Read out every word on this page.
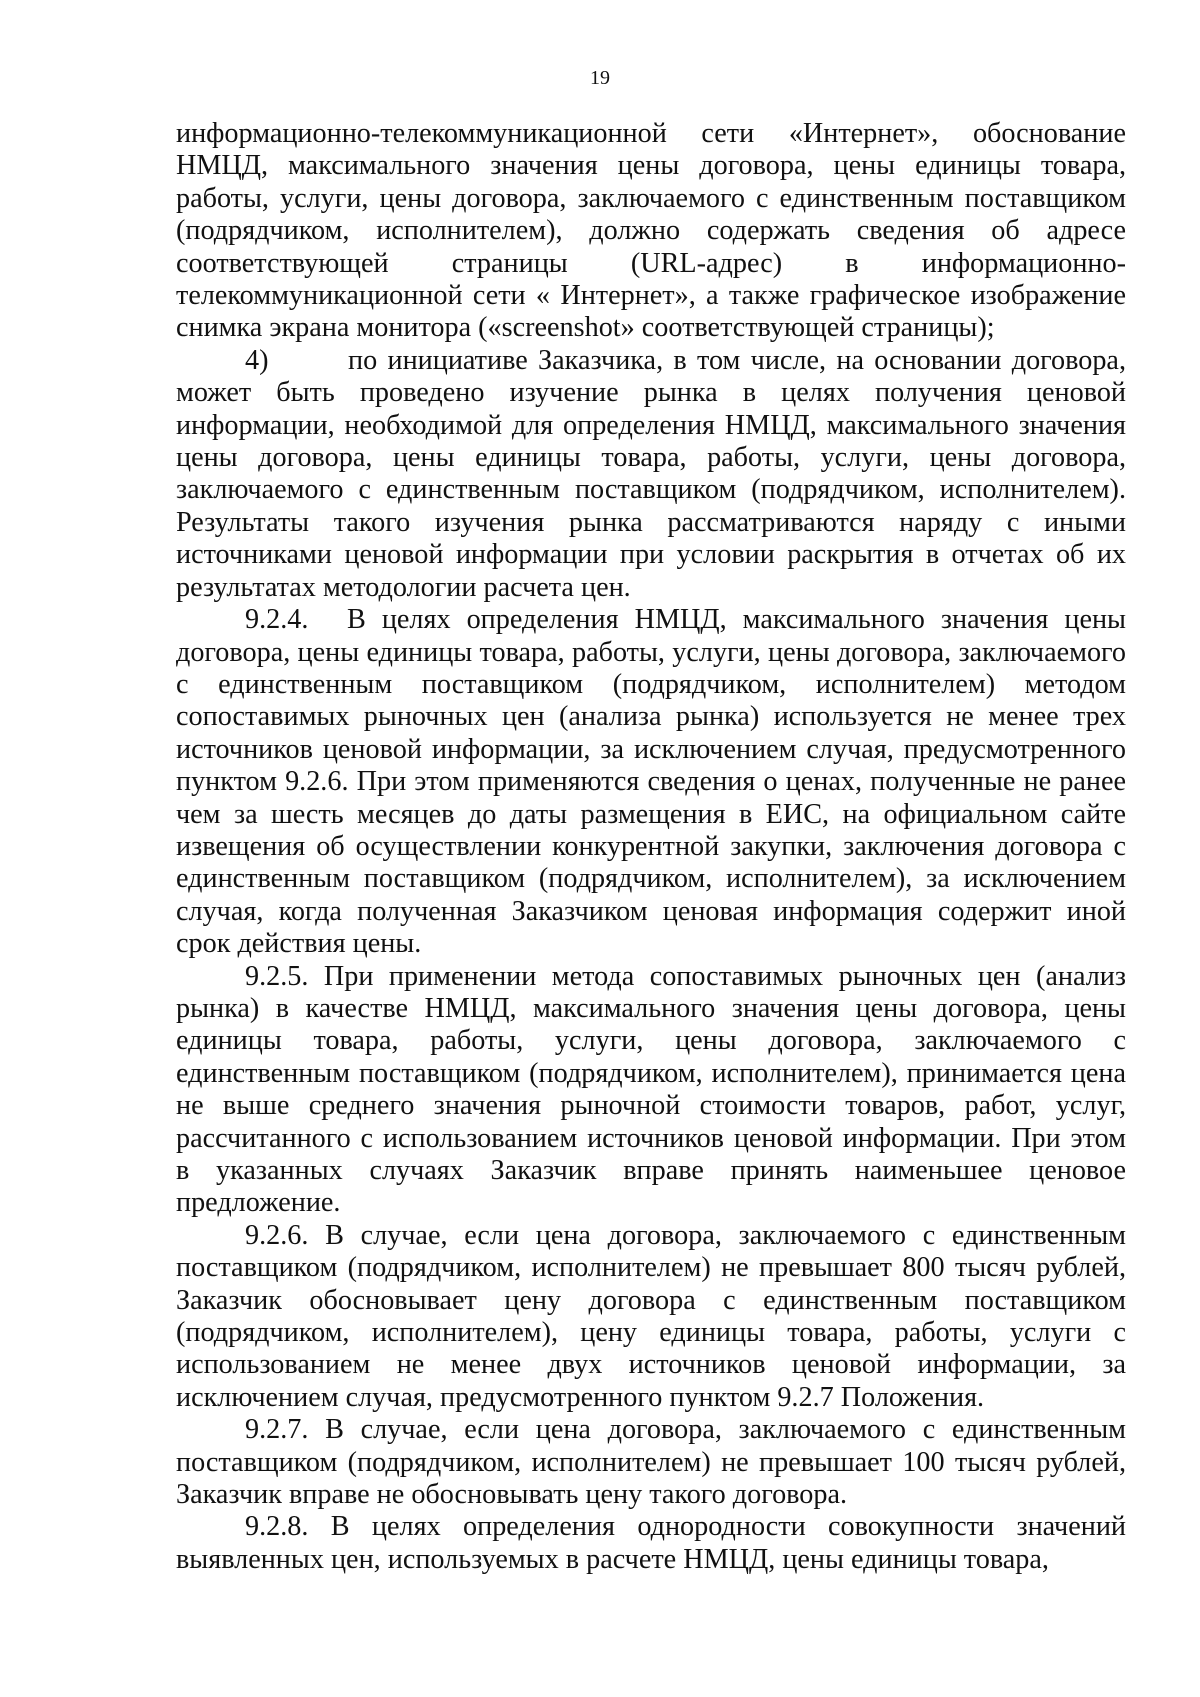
19

информационно-телекоммуникационной сети «Интернет», обоснование НМЦД, максимального значения цены договора, цены единицы товара, работы, услуги, цены договора, заключаемого с единственным поставщиком (подрядчиком, исполнителем), должно содержать сведения об адресе соответствующей страницы (URL-адрес) в информационно-телекоммуникационной сети « Интернет», а также графическое изображение снимка экрана монитора («screenshot» соответствующей страницы);

4)	по инициативе Заказчика, в том числе, на основании договора, может быть проведено изучение рынка в целях получения ценовой информации, необходимой для определения НМЦД, максимального значения цены договора, цены единицы товара, работы, услуги, цены договора, заключаемого с единственным поставщиком (подрядчиком, исполнителем). Результаты такого изучения рынка рассматриваются наряду с иными источниками ценовой информации при условии раскрытия в отчетах об их результатах методологии расчета цен.

9.2.4. В целях определения НМЦД, максимального значения цены договора, цены единицы товара, работы, услуги, цены договора, заключаемого с единственным поставщиком (подрядчиком, исполнителем) методом сопоставимых рыночных цен (анализа рынка) используется не менее трех источников ценовой информации, за исключением случая, предусмотренного пунктом 9.2.6. При этом применяются сведения о ценах, полученные не ранее чем за шесть месяцев до даты размещения в ЕИС, на официальном сайте извещения об осуществлении конкурентной закупки, заключения договора с единственным поставщиком (подрядчиком, исполнителем), за исключением случая, когда полученная Заказчиком ценовая информация содержит иной срок действия цены.

9.2.5. При применении метода сопоставимых рыночных цен (анализ рынка) в качестве НМЦД, максимального значения цены договора, цены единицы товара, работы, услуги, цены договора, заключаемого с единственным поставщиком (подрядчиком, исполнителем), принимается цена не выше среднего значения рыночной стоимости товаров, работ, услуг, рассчитанного с использованием источников ценовой информации. При этом в указанных случаях Заказчик вправе принять наименьшее ценовое предложение.

9.2.6. В случае, если цена договора, заключаемого с единственным поставщиком (подрядчиком, исполнителем) не превышает 800 тысяч рублей, Заказчик обосновывает цену договора с единственным поставщиком (подрядчиком, исполнителем), цену единицы товара, работы, услуги с использованием не менее двух источников ценовой информации, за исключением случая, предусмотренного пунктом 9.2.7 Положения.

9.2.7. В случае, если цена договора, заключаемого с единственным поставщиком (подрядчиком, исполнителем) не превышает 100 тысяч рублей, Заказчик вправе не обосновывать цену такого договора.

9.2.8. В целях определения однородности совокупности значений выявленных цен, используемых в расчете НМЦД, цены единицы товара,
